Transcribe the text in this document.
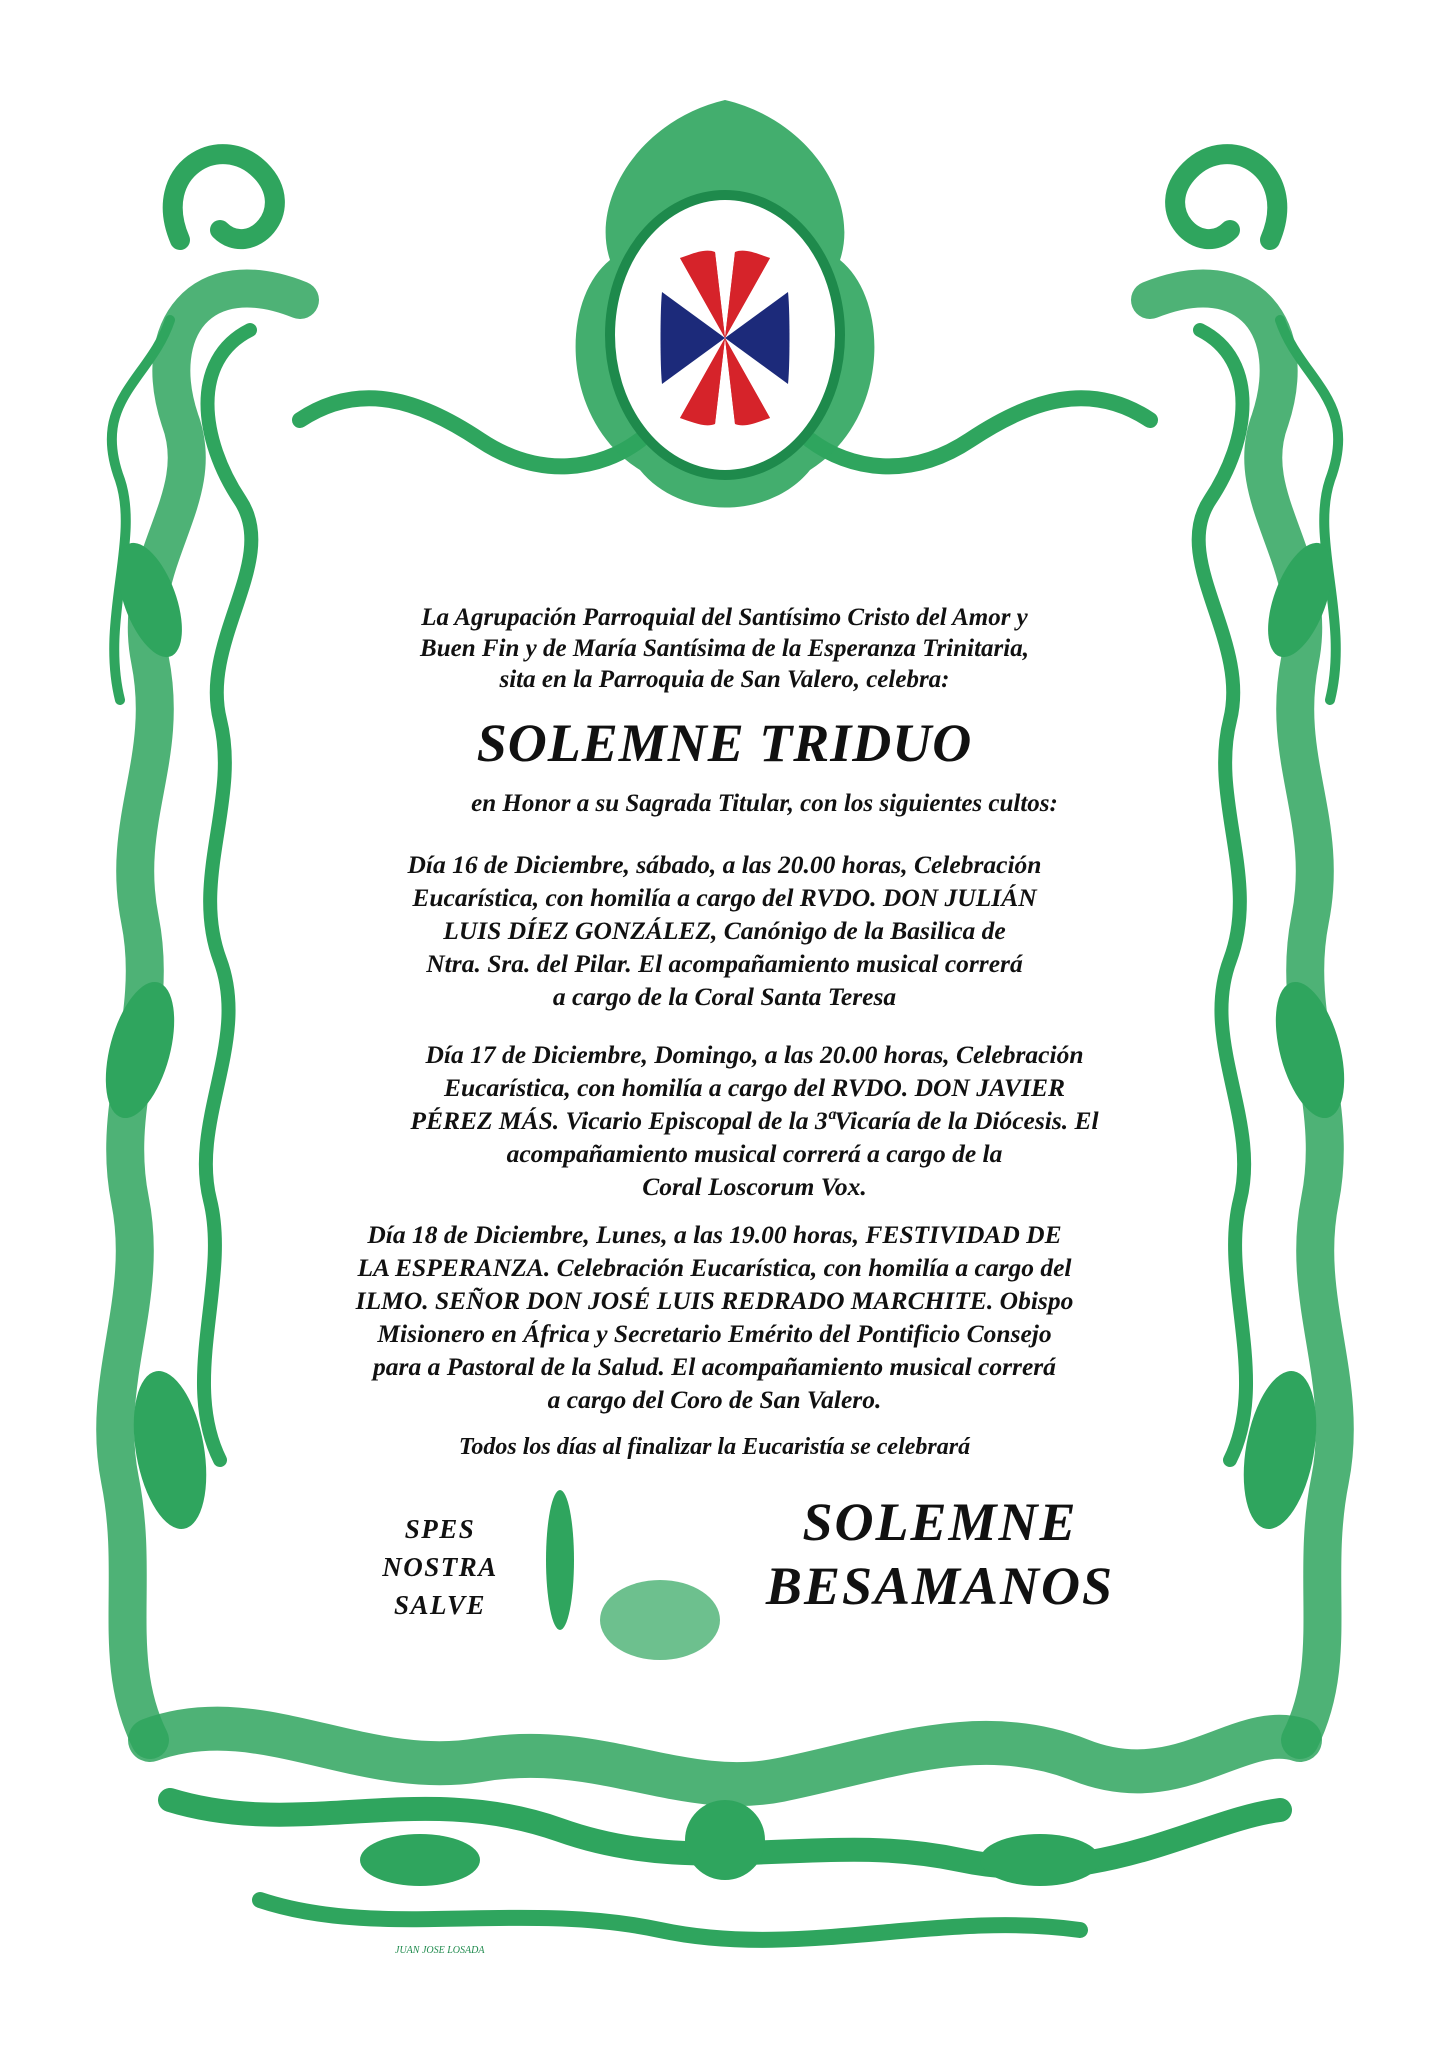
La Agrupación Parroquial del Santísimo Cristo del Amor y
Buen Fin y de María Santísima de la Esperanza Trinitaria,
sita en la Parroquia de San Valero, celebra:
SOLEMNE TRIDUO
en Honor a su Sagrada Titular, con los siguientes cultos:
Día 16 de Diciembre, sábado, a las 20.00 horas, Celebración
Eucarística, con homilía a cargo del RVDO. DON JULIÁN
LUIS DÍEZ GONZÁLEZ, Canónigo de la Basilica de
Ntra. Sra. del Pilar. El acompañamiento musical correrá
a cargo de la Coral Santa Teresa
Día 17 de Diciembre, Domingo, a las 20.00 horas, Celebración
Eucarística, con homilía a cargo del RVDO. DON JAVIER
PÉREZ MÁS. Vicario Episcopal de la 3ªVicaría de la Diócesis. El
acompañamiento musical correrá a cargo de la
Coral Loscorum Vox.
Día 18 de Diciembre, Lunes, a las 19.00 horas, FESTIVIDAD DE
LA ESPERANZA. Celebración Eucarística, con homilía a cargo del
ILMO. SEÑOR DON JOSÉ LUIS REDRADO MARCHITE. Obispo
Misionero en África y Secretario Emérito del Pontificio Consejo
para a Pastoral de la Salud. El acompañamiento musical correrá
a cargo del Coro de San Valero.
Todos los días al finalizar la Eucaristía se celebrará
SPES
NOSTRA
SALVE
SOLEMNE
BESAMANOS
JUAN JOSE LOSADA
